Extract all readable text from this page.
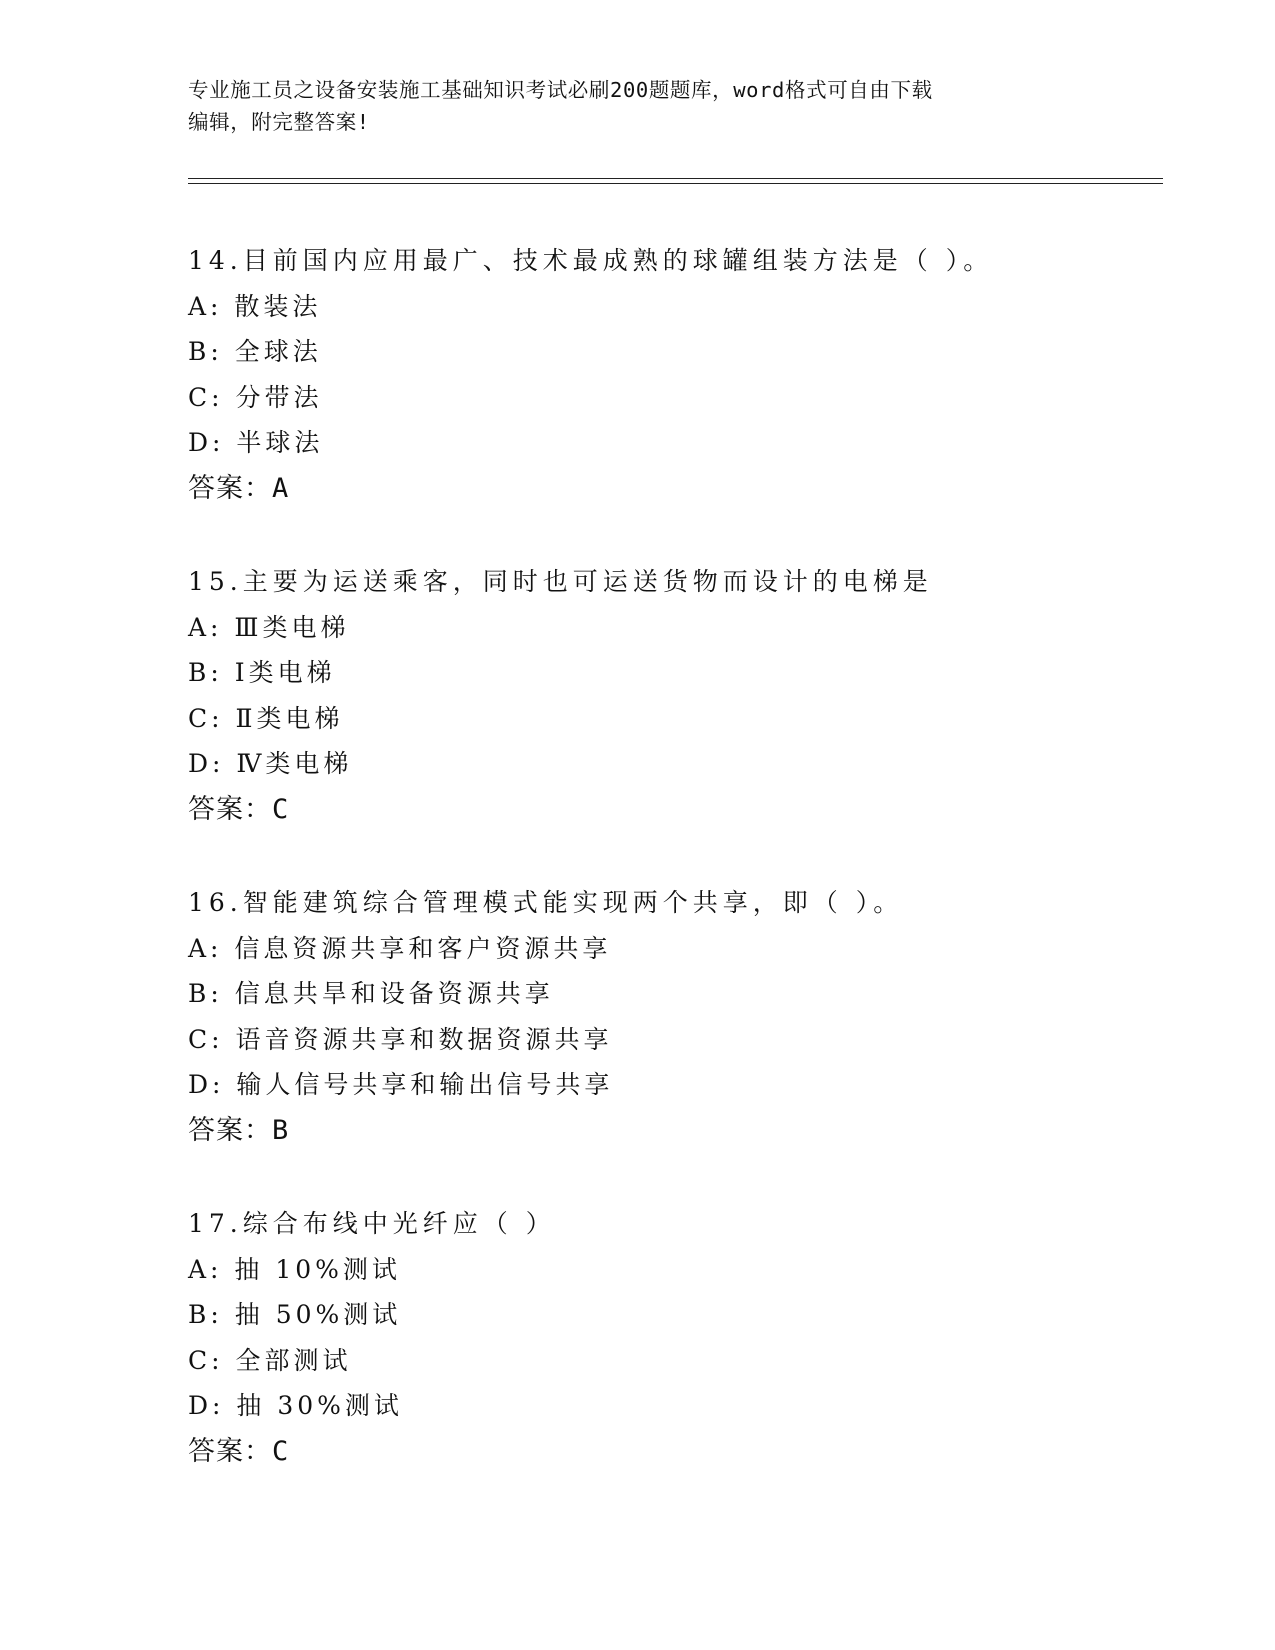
专业施工员之设备安装施工基础知识考试必刷200题题库，word格式可自由下载
编辑，附完整答案!
14.目前国内应用最广、技术最成熟的球罐组装方法是（ ）。
A: 散装法
B: 全球法
C: 分带法
D: 半球法
答案：A
15.主要为运送乘客，同时也可运送货物而设计的电梯是
A: Ⅲ类电梯
B: Ⅰ类电梯
C: Ⅱ类电梯
D: Ⅳ类电梯
答案：C
16.智能建筑综合管理模式能实现两个共享，即（ ）。
A: 信息资源共享和客户资源共享
B: 信息共旱和设备资源共享
C: 语音资源共享和数据资源共享
D: 输人信号共享和输出信号共享
答案：B
17.综合布线中光纤应（ ）
A: 抽 10%测试
B: 抽 50%测试
C: 全部测试
D: 抽 30%测试
答案：C
